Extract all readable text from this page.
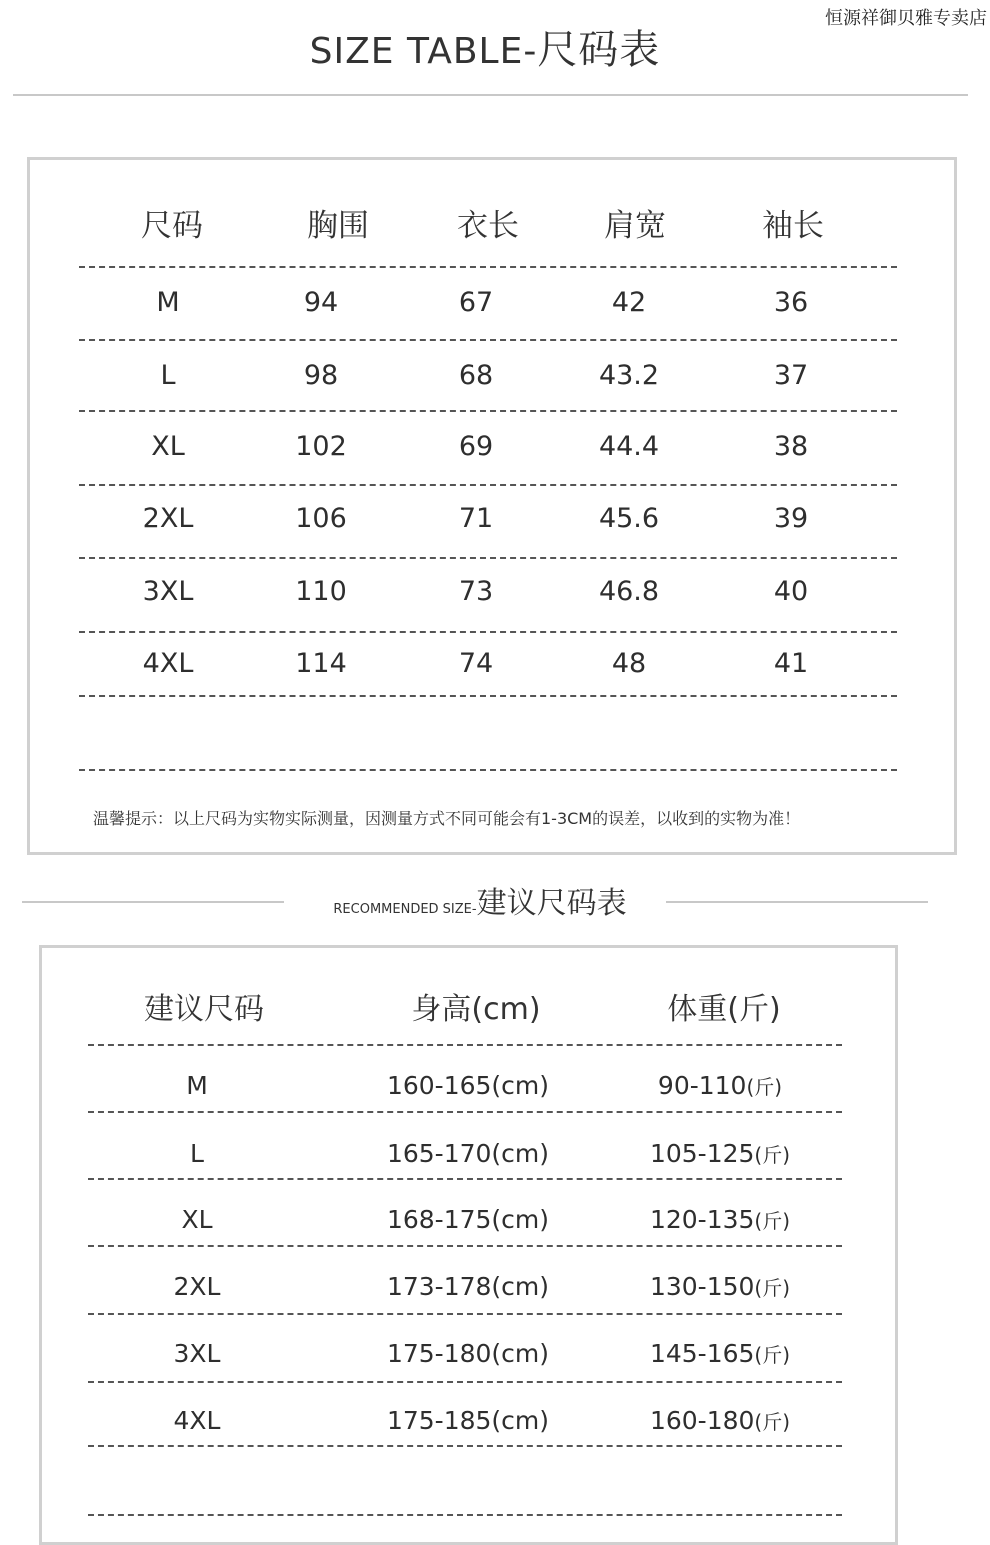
恒源祥御贝雅专卖店
SIZE TABLE-尺码表
尺码	胸围	衣长	肩宽	袖长
M	94	67	42	36
L	98	68	43.2	37
XL	102	69	44.4	38
2XL	106	71	45.6	39
3XL	110	73	46.8	40
4XL	114	74	48	41
温馨提示：以上尺码为实物实际测量，因测量方式不同可能会有1-3CM的误差，以收到的实物为准！
RECOMMENDED SIZE-建议尺码表
建议尺码	身高(cm)	体重(斤)
M	160-165(cm)	90-110(斤)
L	165-170(cm)	105-125(斤)
XL	168-175(cm)	120-135(斤)
2XL	173-178(cm)	130-150(斤)
3XL	175-180(cm)	145-165(斤)
4XL	175-185(cm)	160-180(斤)
